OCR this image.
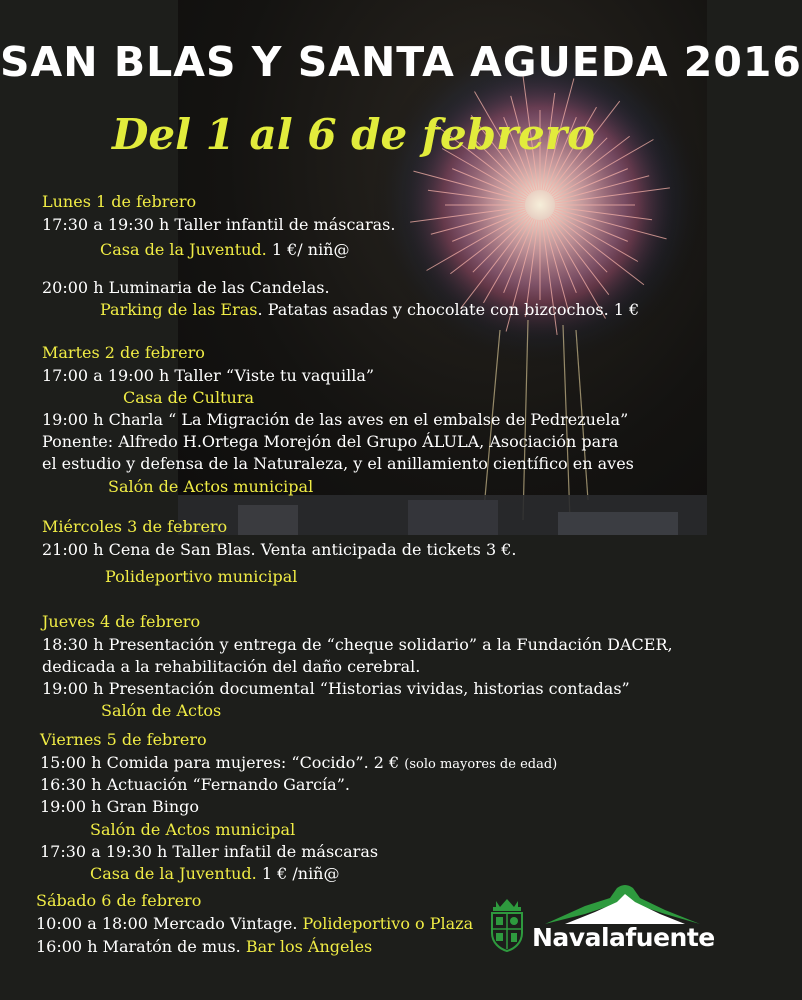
SAN BLAS Y SANTA AGUEDA 2016
Del 1 al 6 de febrero
Lunes 1 de febrero
17:30 a 19:30 h Taller infantil de máscaras.
Casa de la Juventud. 1 €/ niñ@
20:00 h Luminaria de las Candelas.
Parking de las Eras. Patatas asadas y chocolate con bizcochos. 1 €
Martes 2 de febrero
17:00 a 19:00 h Taller “Viste tu vaquilla”
Casa de Cultura
19:00 h Charla “ La Migración de las aves en el embalse de Pedrezuela”
Ponente: Alfredo H.Ortega Morejón del Grupo ÁLULA, Asociación para
el estudio y defensa de la Naturaleza, y el anillamiento científico en aves
Salón de Actos municipal
Miércoles 3 de febrero
21:00 h Cena de San Blas. Venta anticipada de tickets 3 €.
Polideportivo municipal
Jueves 4 de febrero
18:30 h Presentación y entrega de “cheque solidario” a la Fundación DACER,
dedicada a la rehabilitación del daño cerebral.
19:00 h Presentación documental “Historias vividas, historias contadas”
Salón de Actos
Viernes 5 de febrero
15:00 h Comida para mujeres: “Cocido”. 2 € (solo mayores de edad)
16:30 h Actuación “Fernando García”.
19:00 h Gran Bingo
Salón de Actos municipal
17:30 a 19:30 h Taller infatil de máscaras
Casa de la Juventud. 1 € /niñ@
Sábado 6 de febrero
10:00 a 18:00 Mercado Vintage. Polideportivo o Plaza
16:00 h Maratón de mus. Bar los Ángeles	Navalafuente
